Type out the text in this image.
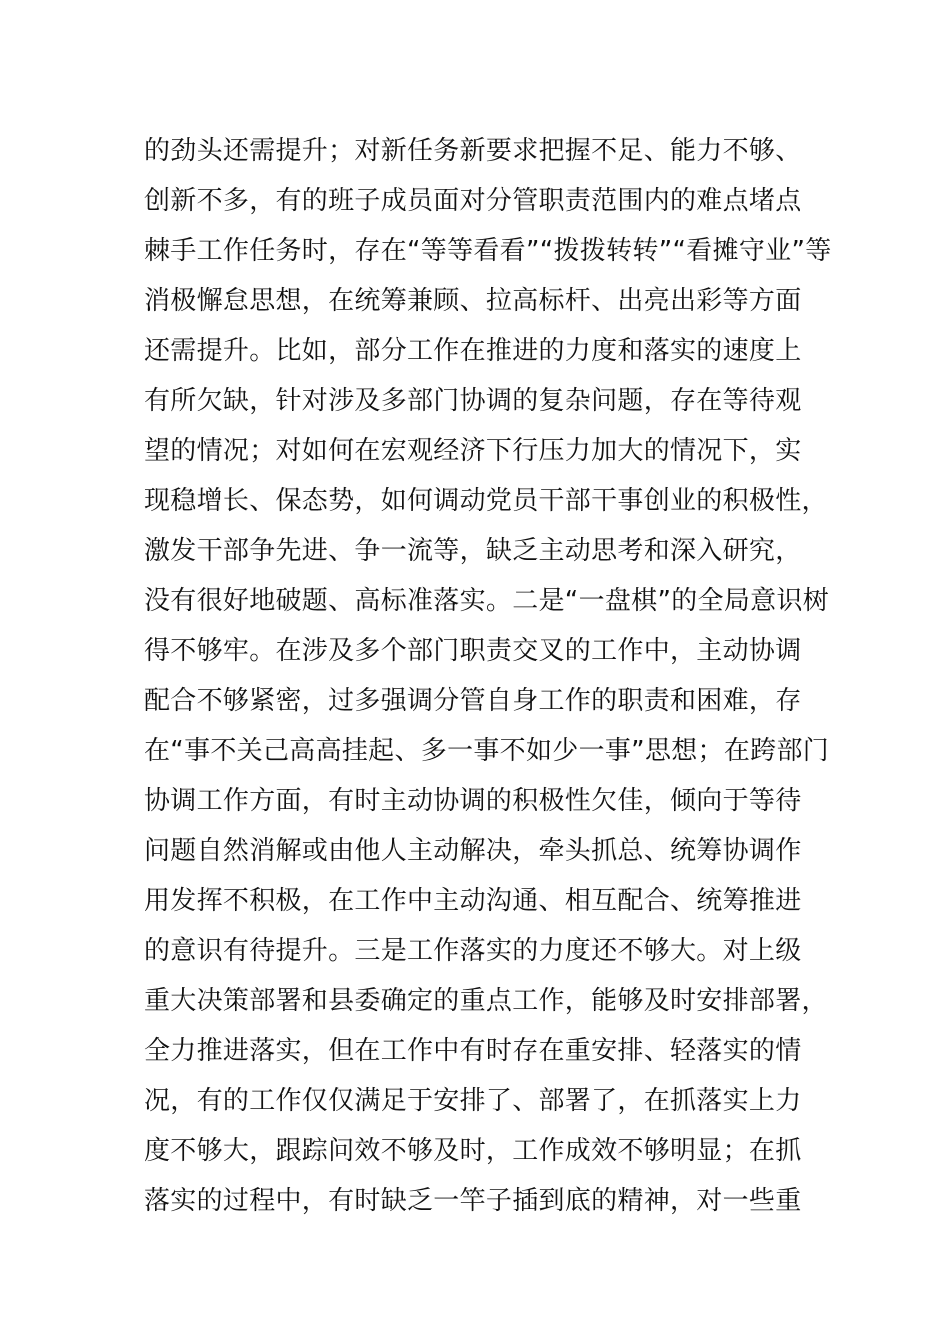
的劲头还需提升；对新任务新要求把握不足、能力不够、
创新不多，有的班子成员面对分管职责范围内的难点堵点
棘手工作任务时，存在“等等看看”“拨拨转转”“看摊守业”等
消极懈怠思想，在统筹兼顾、拉高标杆、出亮出彩等方面
还需提升。比如，部分工作在推进的力度和落实的速度上
有所欠缺，针对涉及多部门协调的复杂问题，存在等待观
望的情况；对如何在宏观经济下行压力加大的情况下，实
现稳增长、保态势，如何调动党员干部干事创业的积极性，
激发干部争先进、争一流等，缺乏主动思考和深入研究，
没有很好地破题、高标准落实。二是“一盘棋”的全局意识树
得不够牢。在涉及多个部门职责交叉的工作中，主动协调
配合不够紧密，过多强调分管自身工作的职责和困难，存
在“事不关己高高挂起、多一事不如少一事”思想；在跨部门
协调工作方面，有时主动协调的积极性欠佳，倾向于等待
问题自然消解或由他人主动解决，牵头抓总、统筹协调作
用发挥不积极，在工作中主动沟通、相互配合、统筹推进
的意识有待提升。三是工作落实的力度还不够大。对上级
重大决策部署和县委确定的重点工作，能够及时安排部署，
全力推进落实，但在工作中有时存在重安排、轻落实的情
况，有的工作仅仅满足于安排了、部署了，在抓落实上力
度不够大，跟踪问效不够及时，工作成效不够明显；在抓
落实的过程中，有时缺乏一竿子插到底的精神，对一些重
